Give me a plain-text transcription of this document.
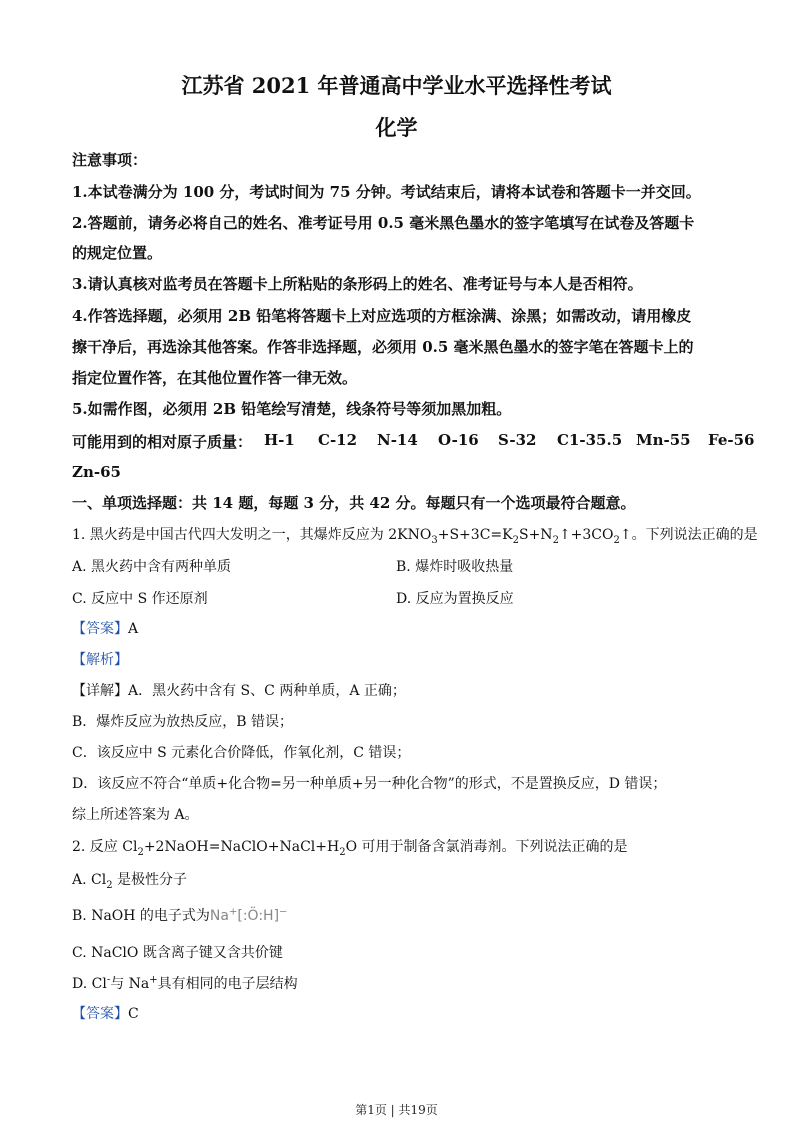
江苏省 2021 年普通高中学业水平选择性考试
化学
注意事项：
1.本试卷满分为 100 分，考试时间为 75 分钟。考试结束后，请将本试卷和答题卡一并交回。
2.答题前，请务必将自己的姓名、准考证号用 0.5 毫米黑色墨水的签字笔填写在试卷及答题卡
的规定位置。
3.请认真核对监考员在答题卡上所粘贴的条形码上的姓名、准考证号与本人是否相符。
4.作答选择题，必须用 2B 铅笔将答题卡上对应选项的方框涂满、涂黑；如需改动，请用橡皮
擦干净后，再选涂其他答案。作答非选择题，必须用 0.5 毫米黑色墨水的签字笔在答题卡上的
指定位置作答，在其他位置作答一律无效。
5.如需作图，必须用 2B 铅笔绘写清楚，线条符号等须加黑加粗。
可能用到的相对原子质量： H-1 C-12 N-14 O-16 S-32 C1-35.5 Mn-55 Fe-56
Zn-65
一、单项选择题：共 14 题，每题 3 分，共 42 分。每题只有一个选项最符合题意。
1. 黑火药是中国古代四大发明之一，其爆炸反应为 $2KNO_3+S+3C=K_2S+N_2↑+3CO_2↑$。下列说法正确的是
A. 黑火药中含有两种单质	B. 爆炸时吸收热量
C. 反应中 S 作还原剂	D. 反应为置换反应
【答案】A
【解析】
【详解】A．黑火药中含有 S、C 两种单质，A 正确；
B．爆炸反应为放热反应，B 错误；
C．该反应中 S 元素化合价降低，作氧化剂，C 错误；
D．该反应不符合“单质+化合物=另一种单质+另一种化合物”的形式，不是置换反应，D 错误；
综上所述答案为 A。
2. 反应 $Cl_2+2NaOH=NaClO+NaCl+H_2O$ 可用于制备含氯消毒剂。下列说法正确的是
A. $Cl_2$ 是极性分子
B. NaOH 的电子式为Na+[:Ö:H]−
C. NaClO 既含离子键又含共价键
D. Cl-与 Na+具有相同的电子层结构
【答案】C
第1页 | 共19页
